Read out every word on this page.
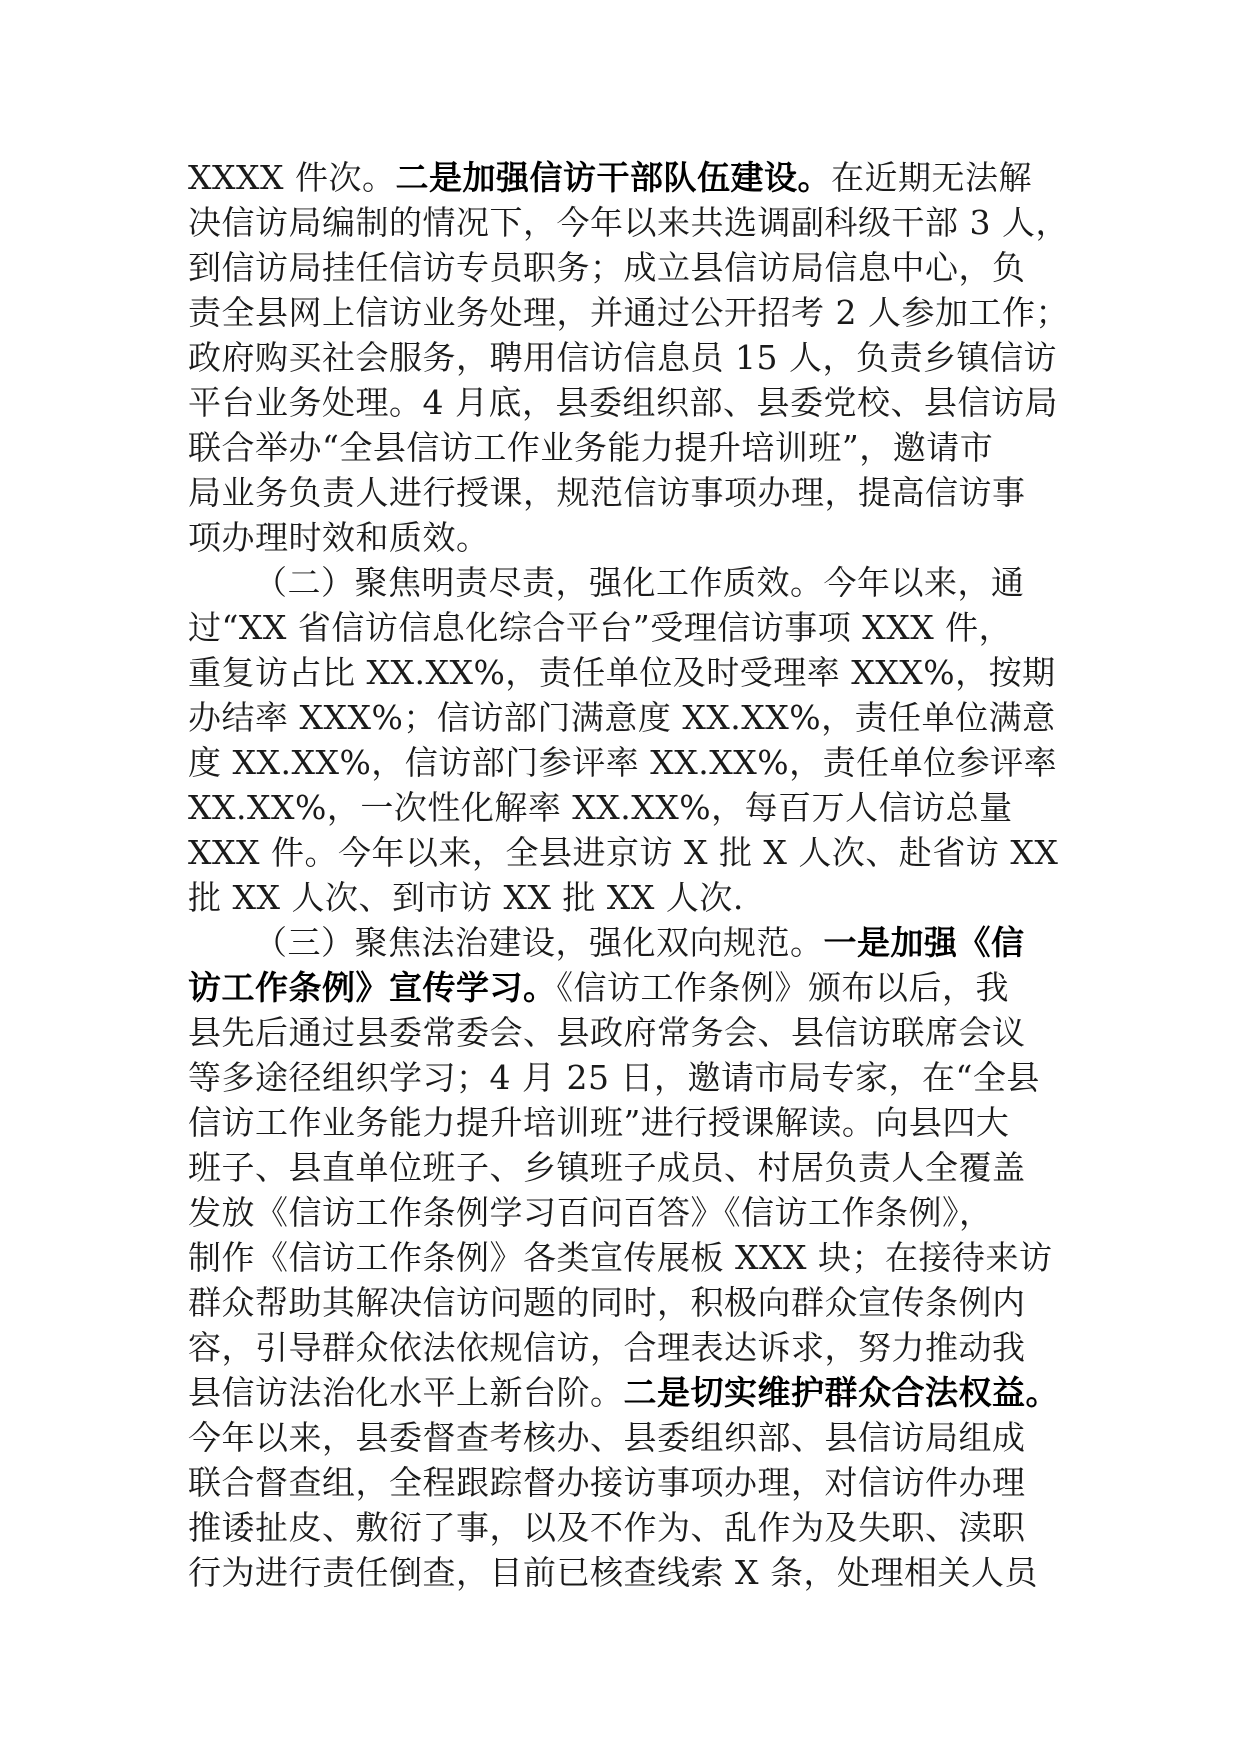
XXXX 件次。二是加强信访干部队伍建设。在近期无法解
决信访局编制的情况下，今年以来共选调副科级干部 3 人，
到信访局挂任信访专员职务；成立县信访局信息中心，负
责全县网上信访业务处理，并通过公开招考 2 人参加工作；
政府购买社会服务，聘用信访信息员 15 人，负责乡镇信访
平台业务处理。4 月底，县委组织部、县委党校、县信访局
联合举办“全县信访工作业务能力提升培训班”，邀请市
局业务负责人进行授课，规范信访事项办理，提高信访事
项办理时效和质效。
（二）聚焦明责尽责，强化工作质效。今年以来，通
过“XX 省信访信息化综合平台”受理信访事项 XXX 件，
重复访占比 XX.XX%，责任单位及时受理率 XXX%，按期
办结率 XXX%；信访部门满意度 XX.XX%，责任单位满意
度 XX.XX%，信访部门参评率 XX.XX%，责任单位参评率
XX.XX%，一次性化解率 XX.XX%，每百万人信访总量
XXX 件。今年以来，全县进京访 X 批 X 人次、赴省访 XX
批 XX 人次、到市访 XX 批 XX 人次.
（三）聚焦法治建设，强化双向规范。一是加强《信
访工作条例》宣传学习。《信访工作条例》颁布以后，我
县先后通过县委常委会、县政府常务会、县信访联席会议
等多途径组织学习；4 月 25 日，邀请市局专家，在“全县
信访工作业务能力提升培训班”进行授课解读。向县四大
班子、县直单位班子、乡镇班子成员、村居负责人全覆盖
发放《信访工作条例学习百问百答》《信访工作条例》，
制作《信访工作条例》各类宣传展板 XXX 块；在接待来访
群众帮助其解决信访问题的同时，积极向群众宣传条例内
容，引导群众依法依规信访，合理表达诉求，努力推动我
县信访法治化水平上新台阶。二是切实维护群众合法权益。
今年以来，县委督查考核办、县委组织部、县信访局组成
联合督查组，全程跟踪督办接访事项办理，对信访件办理
推诿扯皮、敷衍了事，以及不作为、乱作为及失职、渎职
行为进行责任倒查，目前已核查线索 X 条，处理相关人员
